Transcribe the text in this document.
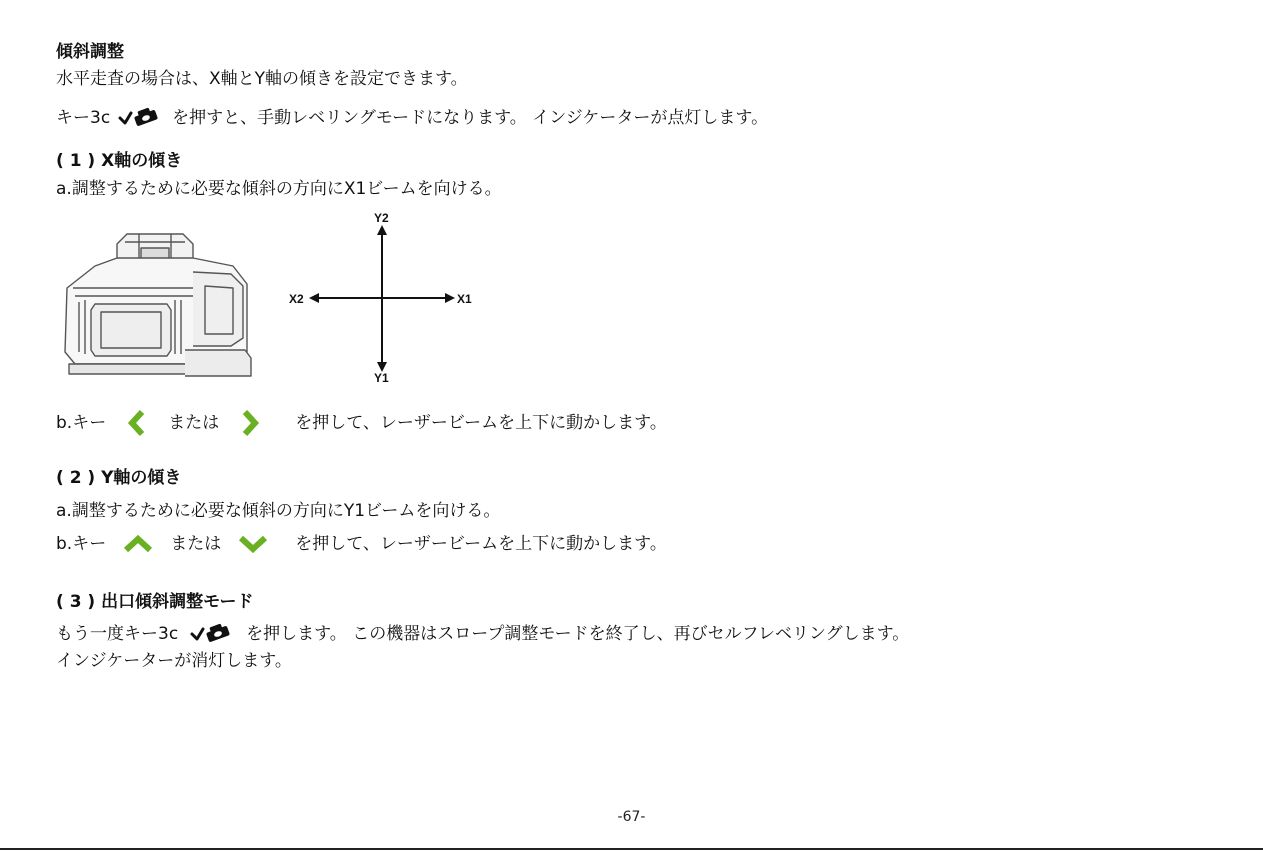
傾斜調整
水平走査の場合は、X軸とY軸の傾きを設定できます。
キー3c	を押すと、手動レベリングモードになります。 インジケーターが点灯します。
( 1 ) X軸の傾き
a.調整するために必要な傾斜の方向にX1ビームを向ける。
Y2
Y1
X2	X1
b.キー	または	を押して、レーザービームを上下に動かします。
( 2 ) Y軸の傾き
a.調整するために必要な傾斜の方向にY1ビームを向ける。
b.キー	または	を押して、レーザービームを上下に動かします。
( 3 ) 出口傾斜調整モード
もう一度キー3c	を押します。 この機器はスロープ調整モードを終了し、再びセルフレベリングします。
インジケーターが消灯します。
-67-
